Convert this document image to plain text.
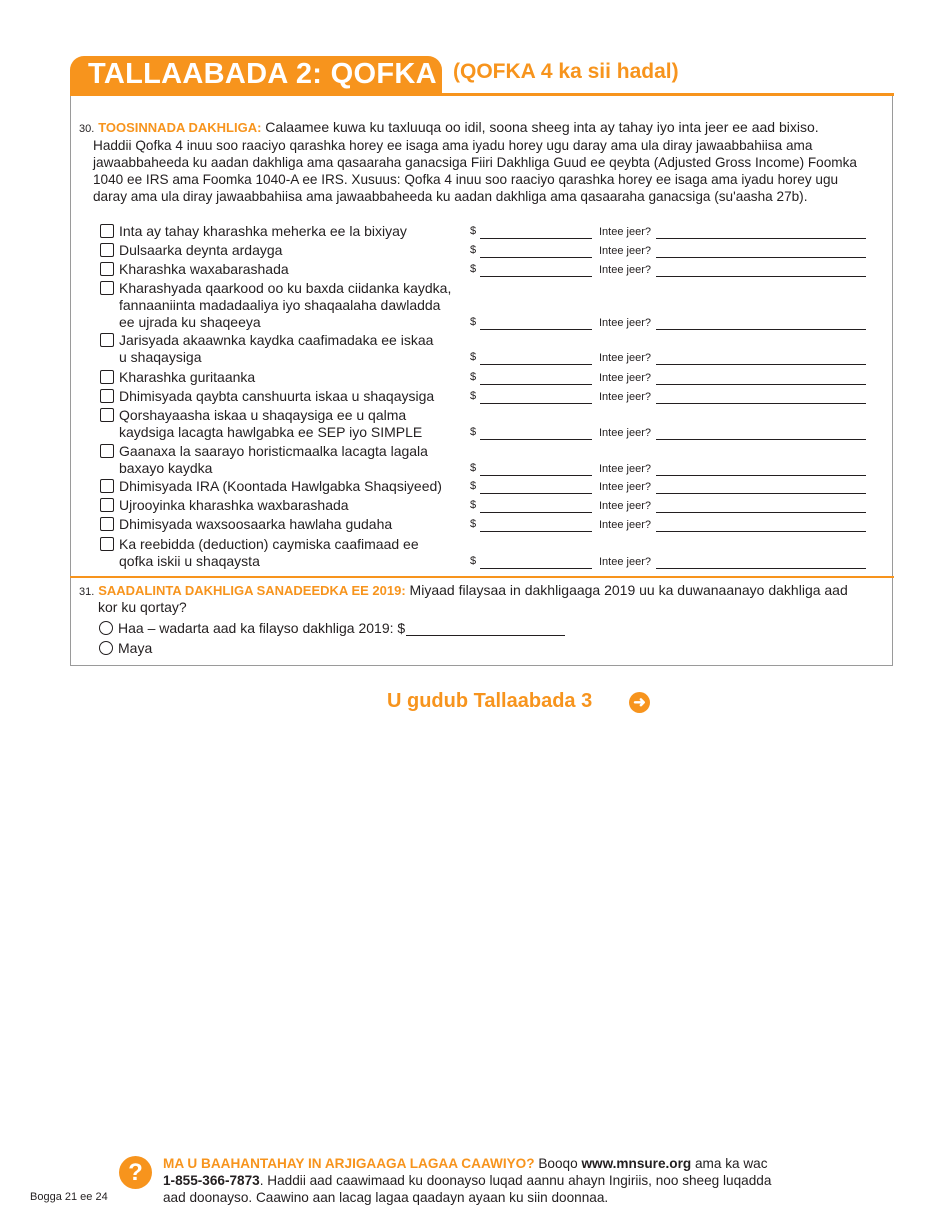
TALLAABADA 2: QOFKA 4
(QOFKA 4 ka sii hadal)
30. TOOSINNADA DAKHLIGA: Calaamee kuwa ku taxluuqa oo idil, soona sheeg inta ay tahay iyo inta jeer ee aad bixiso.
Haddii Qofka 4 inuu soo raaciyo qarashka horey ee isaga ama iyadu horey ugu daray ama ula diray jawaabbahiisa ama
jawaabbaheeda ku aadan dakhliga ama qasaaraha ganacsiga Fiiri Dakhliga Guud ee qeybta (Adjusted Gross Income) Foomka
1040 ee IRS ama Foomka 1040-A ee IRS. Xusuus: Qofka 4 inuu soo raaciyo qarashka horey ee isaga ama iyadu horey ugu
daray ama ula diray jawaabbahiisa ama jawaabbaheeda ku aadan dakhliga ama qasaaraha ganacsiga (su'aasha 27b).
Inta ay tahay kharashka meherka ee la bixiyay	$	Intee jeer?
Dulsaarka deynta ardayga	$	Intee jeer?
Kharashka waxabarashada	$	Intee jeer?
Kharashyada qaarkood oo ku baxda ciidanka kaydka,
fannaaniinta madadaaliya iyo shaqaalaha dawladda
ee ujrada ku shaqeeya	$	Intee jeer?
Jarisyada akaawnka kaydka caafimadaka ee iskaa
u shaqaysiga	$	Intee jeer?
Kharashka guritaanka	$	Intee jeer?
Dhimisyada qaybta canshuurta iskaa u shaqaysiga	$	Intee jeer?
Qorshayaasha iskaa u shaqaysiga ee u qalma
kaydsiga lacagta hawlgabka ee SEP iyo SIMPLE	$	Intee jeer?
Gaanaxa la saarayo horisticmaalka lacagta lagala
baxayo kaydka	$	Intee jeer?
Dhimisyada IRA (Koontada Hawlgabka Shaqsiyeed)	$	Intee jeer?
Ujrooyinka kharashka waxbarashada	$	Intee jeer?
Dhimisyada waxsoosaarka hawlaha gudaha	$	Intee jeer?
Ka reebidda (deduction) caymiska caafimaad ee
qofka iskii u shaqaysta	$	Intee jeer?
31. SAADALINTA DAKHLIGA SANADEEDKA EE 2019: Miyaad filaysaa in dakhligaaga 2019 uu ka duwanaanayo dakhliga aad
kor ku qortay?
Haa – wadarta aad ka filayso dakhliga 2019: $
Maya
U gudub Tallaabada 3	➜
?	MA U BAAHANTAHAY IN ARJIGAAGA LAGAA CAAWIYO? Booqo www.mnsure.org ama ka wac
1-855-366-7873. Haddii aad caawimaad ku doonayso luqad aannu ahayn Ingiriis, noo sheeg luqadda
aad doonayso. Caawino aan lacag lagaa qaadayn ayaan ku siin doonnaa.
Bogga 21 ee 24
